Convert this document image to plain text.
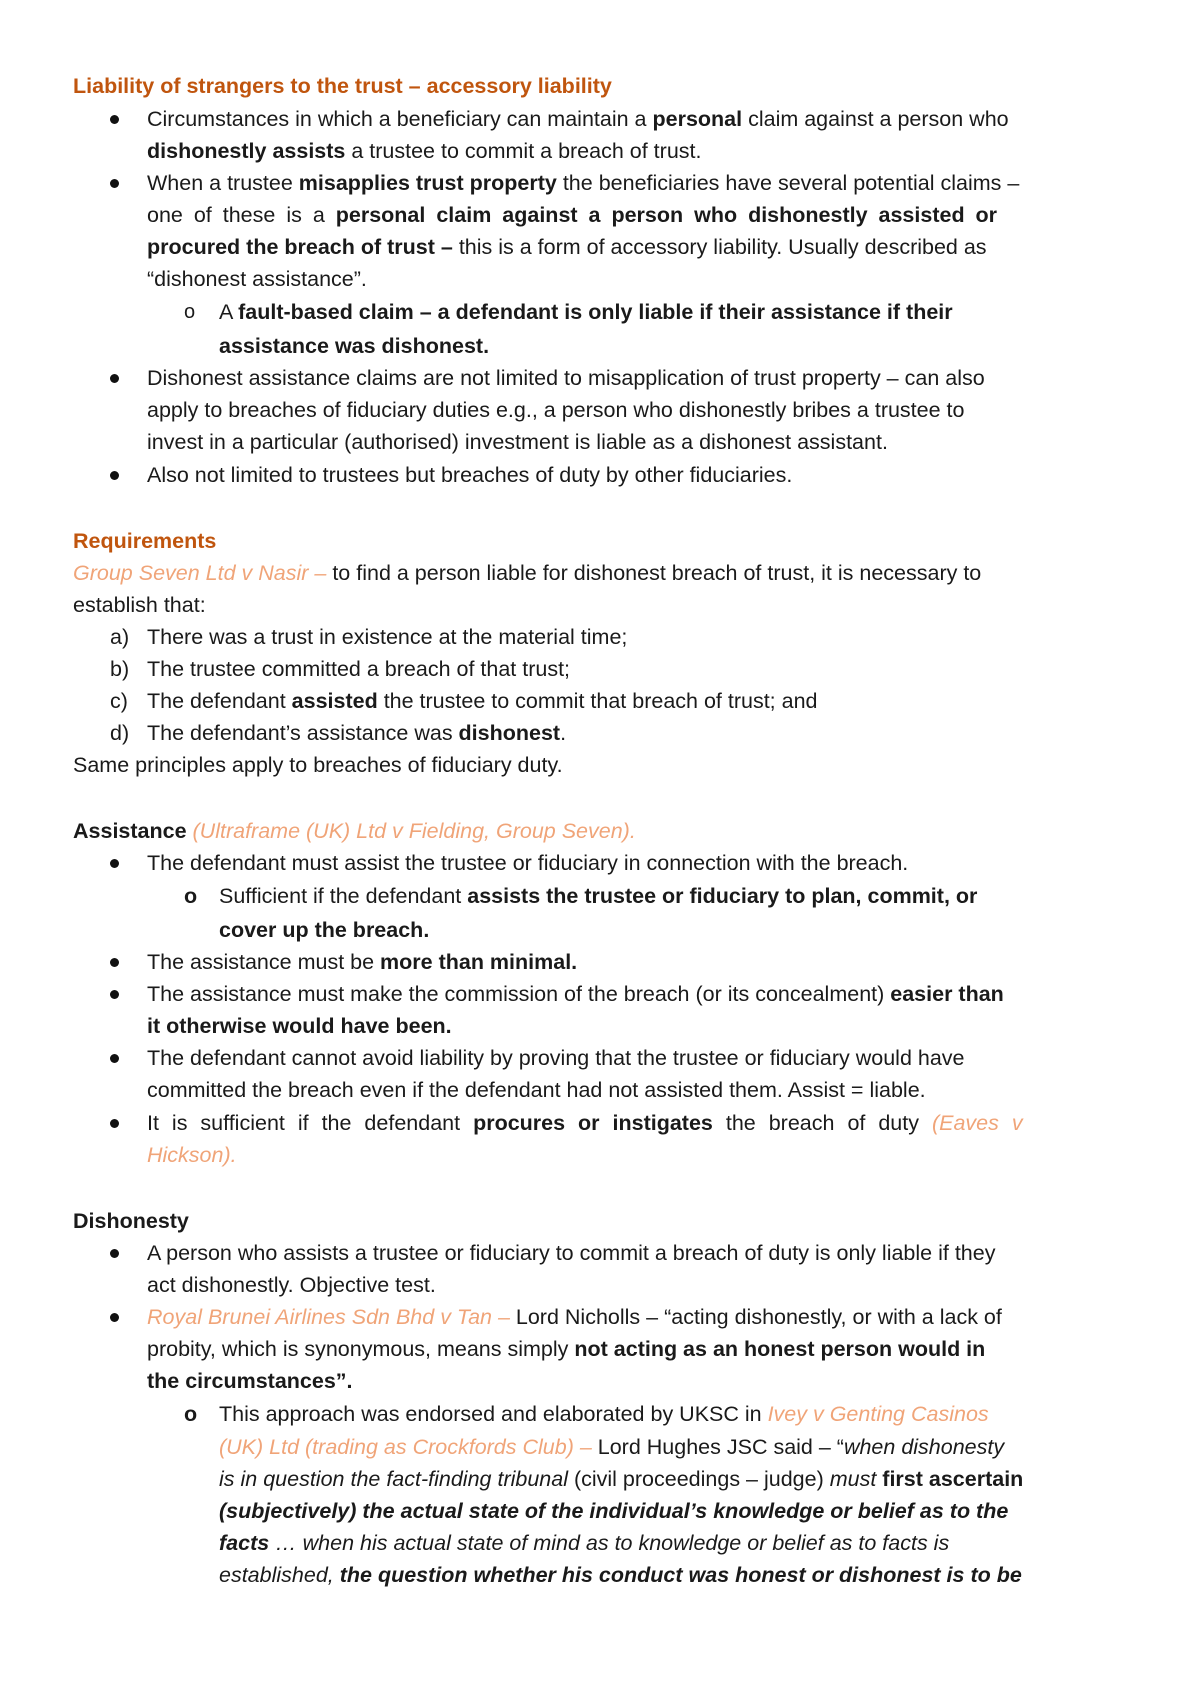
Liability of strangers to the trust – accessory liability
Circumstances in which a beneficiary can maintain a personal claim against a person who
dishonestly assists a trustee to commit a breach of trust.
When a trustee misapplies trust property the beneficiaries have several potential claims –
one of these is a personal claim against a person who dishonestly assisted or
procured the breach of trust – this is a form of accessory liability. Usually described as
“dishonest assistance”.
o A fault-based claim – a defendant is only liable if their assistance if their
assistance was dishonest.
Dishonest assistance claims are not limited to misapplication of trust property – can also
apply to breaches of fiduciary duties e.g., a person who dishonestly bribes a trustee to
invest in a particular (authorised) investment is liable as a dishonest assistant.
Also not limited to trustees but breaches of duty by other fiduciaries.
Requirements
Group Seven Ltd v Nasir – to find a person liable for dishonest breach of trust, it is necessary to
establish that:
a) There was a trust in existence at the material time;
b) The trustee committed a breach of that trust;
c) The defendant assisted the trustee to commit that breach of trust; and
d) The defendant’s assistance was dishonest.
Same principles apply to breaches of fiduciary duty.
Assistance (Ultraframe (UK) Ltd v Fielding, Group Seven).
The defendant must assist the trustee or fiduciary in connection with the breach.
o Sufficient if the defendant assists the trustee or fiduciary to plan, commit, or
cover up the breach.
The assistance must be more than minimal.
The assistance must make the commission of the breach (or its concealment) easier than
it otherwise would have been.
The defendant cannot avoid liability by proving that the trustee or fiduciary would have
committed the breach even if the defendant had not assisted them. Assist = liable.
It is sufficient if the defendant procures or instigates the breach of duty (Eaves v
Hickson).
Dishonesty
A person who assists a trustee or fiduciary to commit a breach of duty is only liable if they
act dishonestly. Objective test.
Royal Brunei Airlines Sdn Bhd v Tan – Lord Nicholls – “acting dishonestly, or with a lack of
probity, which is synonymous, means simply not acting as an honest person would in
the circumstances”.
o This approach was endorsed and elaborated by UKSC in Ivey v Genting Casinos
(UK) Ltd (trading as Crockfords Club) – Lord Hughes JSC said – “when dishonesty
is in question the fact-finding tribunal (civil proceedings – judge) must first ascertain
(subjectively) the actual state of the individual’s knowledge or belief as to the
facts … when his actual state of mind as to knowledge or belief as to facts is
established, the question whether his conduct was honest or dishonest is to be
